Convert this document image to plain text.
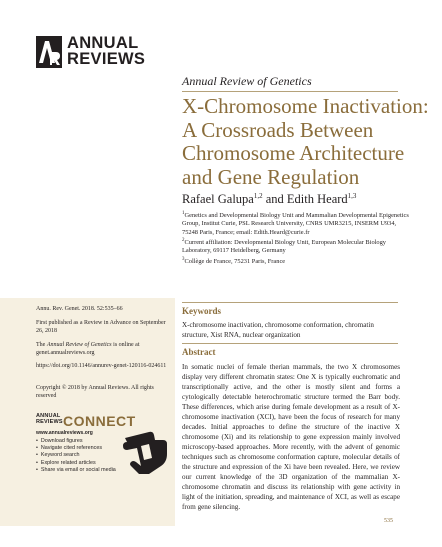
ANNUAL
REVIEWS
Annual Review of Genetics
X-Chromosome Inactivation:
A Crossroads Between
Chromosome Architecture
and Gene Regulation
Rafael Galupa$^{1,2}$ and Edith Heard$^{1,3}$
$^1$Genetics and Developmental Biology Unit and Mammalian Developmental Epigenetics Group, Institut Curie, PSL Research University, CNRS UMR3215, INSERM U934, 75248 Paris, France; email: Edith.Heard@curie.fr
$^2$Current affiliation: Developmental Biology Unit, European Molecular Biology Laboratory, 69117 Heidelberg, Germany
$^3$Collège de France, 75231 Paris, France
Annu. Rev. Genet. 2018. 52:535–66
First published as a Review in Advance on September 26, 2018
The Annual Review of Genetics is online at genet.annualreviews.org
https://doi.org/10.1146/annurev-genet-120116-024611
Copyright © 2018 by Annual Reviews. All rights reserved
ANNUAL
REVIEWS CONNECT
www.annualreviews.org
• Download figures
• Navigate cited references
• Keyword search
• Explore related articles
• Share via email or social media
Keywords
X-chromosome inactivation, chromosome conformation, chromatin structure, Xist RNA, nuclear organization
Abstract
In somatic nuclei of female therian mammals, the two X chromosomes display very different chromatin states: One X is typically euchromatic and transcriptionally active, and the other is mostly silent and forms a cytologically detectable heterochromatic structure termed the Barr body. These differences, which arise during female development as a result of X-chromosome inactivation (XCI), have been the focus of research for many decades. Initial approaches to define the structure of the inactive X chromosome (Xi) and its relationship to gene expression mainly involved microscopy-based approaches. More recently, with the advent of genomic techniques such as chromosome conformation capture, molecular details of the structure and expression of the Xi have been revealed. Here, we review our current knowledge of the 3D organization of the mammalian X-chromosome chromatin and discuss its relationship with gene activity in light of the initiation, spreading, and maintenance of XCI, as well as escape from gene silencing.
535
